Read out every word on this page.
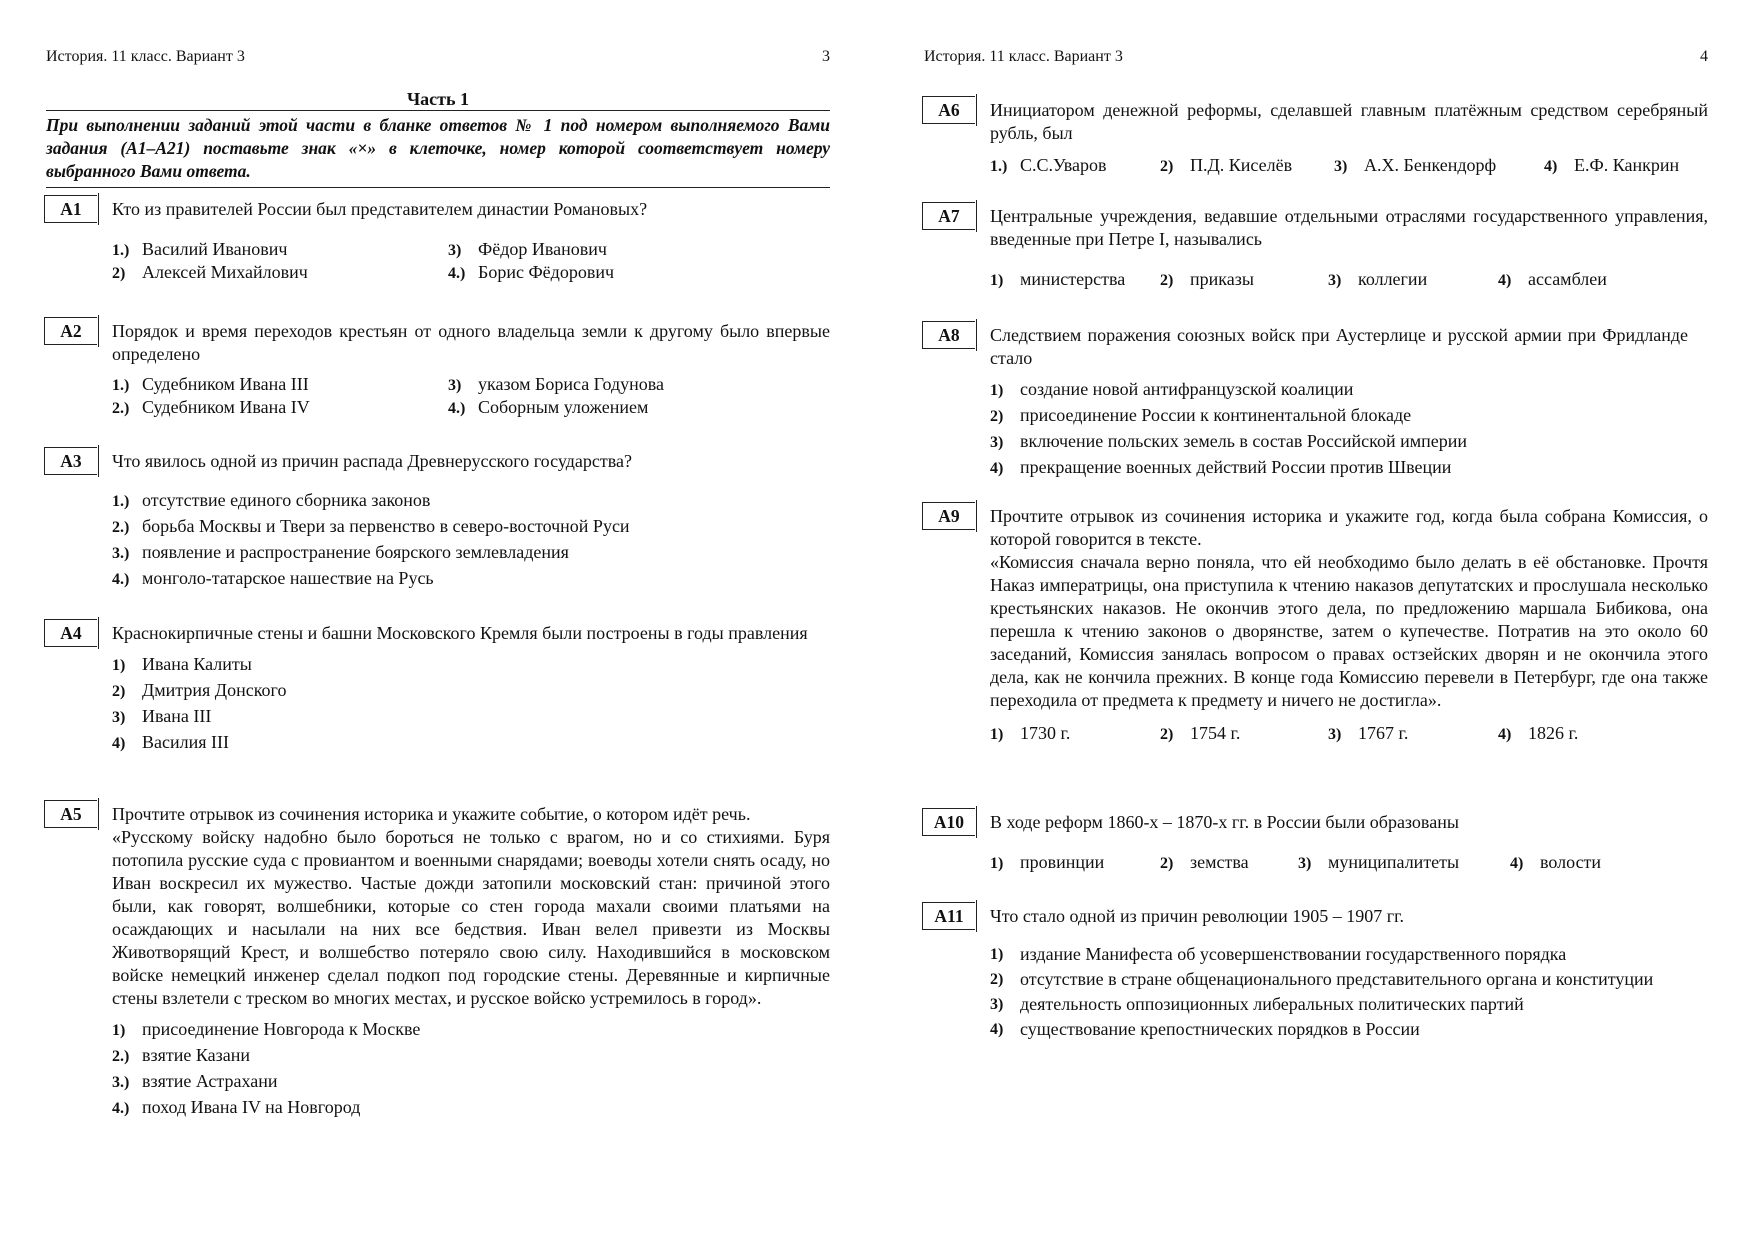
История. 11 класс. Вариант 3	3
Часть 1
При выполнении заданий этой части в бланке ответов № 1 под номером выполняемого Вами задания (А1–А21) поставьте знак «×» в клеточке, номер которой соответствует номеру выбранного Вами ответа.
А1	Кто из правителей России был представителем династии Романовых?
1.) Василий Иванович
2) Алексей Михайлович
3) Фёдор Иванович
4.) Борис Фёдорович
А2	Порядок и время переходов крестьян от одного владельца земли к другому было впервые определено
1.) Судебником Ивана III
2.) Судебником Ивана IV
3) указом Бориса Годунова
4.) Соборным уложением
А3	Что явилось одной из причин распада Древнерусского государства?
1.) отсутствие единого сборника законов
2.) борьба Москвы и Твери за первенство в северо-восточной Руси
3.) появление и распространение боярского землевладения
4.) монголо-татарское нашествие на Русь
А4	Краснокирпичные стены и башни Московского Кремля были построены в годы правления
1) Ивана Калиты
2) Дмитрия Донского
3) Ивана III
4) Василия III
А5	Прочтите отрывок из сочинения историка и укажите событие, о котором идёт речь.
«Русскому войску надобно было бороться не только с врагом, но и со стихиями. Буря потопила русские суда с провиантом и военными снарядами; воеводы хотели снять осаду, но Иван воскресил их мужество. Частые дожди затопили московский стан: причиной этого были, как говорят, волшебники, которые со стен города махали своими платьями на осаждающих и насылали на них все бедствия. Иван велел привезти из Москвы Животворящий Крест, и волшебство потеряло свою силу. Находившийся в московском войске немецкий инженер сделал подкоп под городские стены. Деревянные и кирпичные стены взлетели с треском во многих местах, и русское войско устремилось в город».
1) присоединение Новгорода к Москве
2.) взятие Казани
3.) взятие Астрахани
4.) поход Ивана IV на Новгород
История. 11 класс. Вариант 3	4
А6	Инициатором денежной реформы, сделавшей главным платёжным средством серебряный рубль, был
1.) С.С.Уваров	2) П.Д. Киселёв	3) А.Х. Бенкендорф	4) Е.Ф. Канкрин
А7	Центральные учреждения, ведавшие отдельными отраслями государственного управления, введенные при Петре I, назывались
1) министерства 2) приказы	3) коллегии	4) ассамблеи
А8	Следствием поражения союзных войск при Аустерлице и русской армии при Фридланде стало
1) создание новой антифранцузской коалиции
2) присоединение России к континентальной блокаде
3) включение польских земель в состав Российской империи
4) прекращение военных действий России против Швеции
А9	Прочтите отрывок из сочинения историка и укажите год, когда была собрана Комиссия, о которой говорится в тексте.
«Комиссия сначала верно поняла, что ей необходимо было делать в её обстановке. Прочтя Наказ императрицы, она приступила к чтению наказов депутатских и прослушала несколько крестьянских наказов. Не окончив этого дела, по предложению маршала Бибикова, она перешла к чтению законов о дворянстве, затем о купечестве. Потратив на это около 60 заседаний, Комиссия занялась вопросом о правах остзейских дворян и не окончила этого дела, как не кончила прежних. В конце года Комиссию перевели в Петербург, где она также переходила от предмета к предмету и ничего не достигла».
1) 1730 г.	2) 1754 г.	3) 1767 г.	4) 1826 г.
А10	В ходе реформ 1860-х – 1870-х гг. в России были образованы
1) провинции	2) земства	3) муниципалитеты	4) волости
А11	Что стало одной из причин революции 1905 – 1907 гг.
1) издание Манифеста об усовершенствовании государственного порядка
2) отсутствие в стране общенационального представительного органа и конституции
3) деятельность оппозиционных либеральных политических партий
4) существование крепостнических порядков в России
